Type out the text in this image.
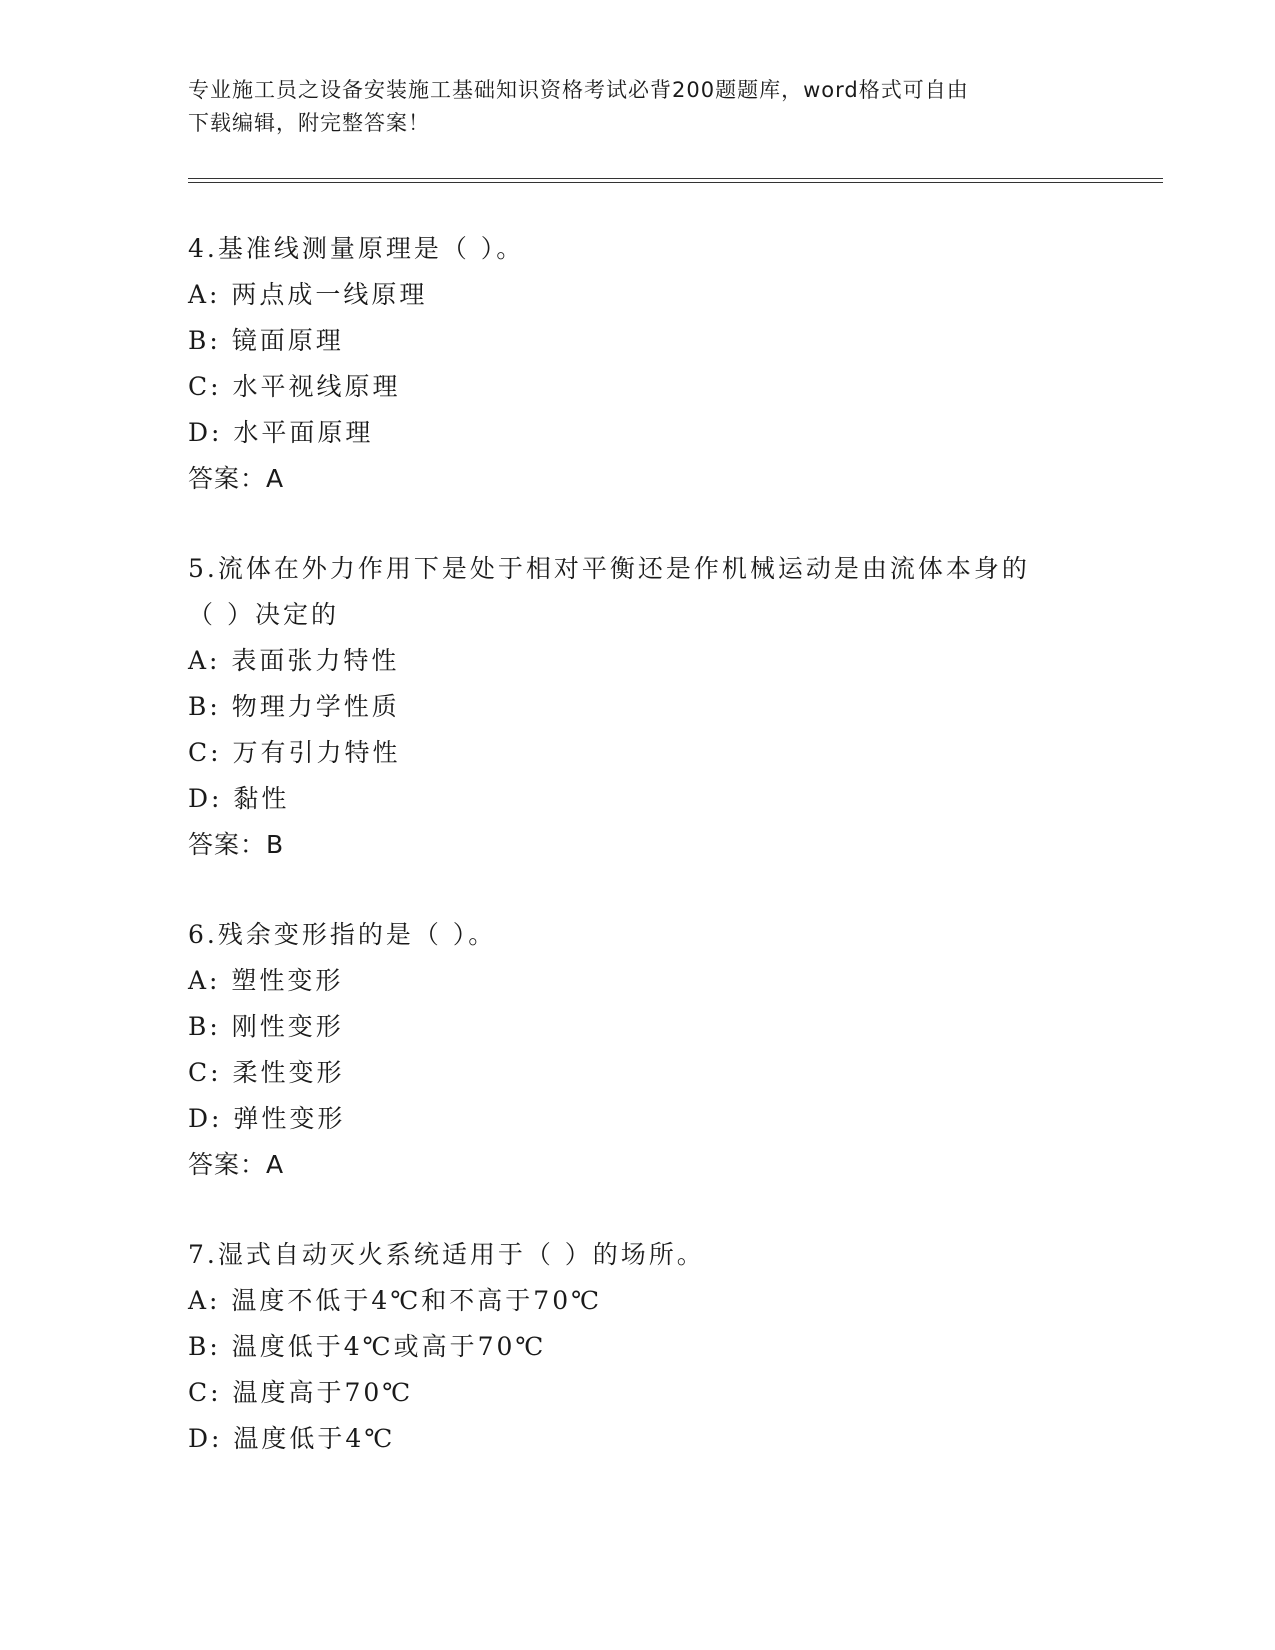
专业施工员之设备安装施工基础知识资格考试必背200题题库，word格式可自由
下载编辑，附完整答案！
4.基准线测量原理是（ ）。
A: 两点成一线原理
B: 镜面原理
C: 水平视线原理
D: 水平面原理
答案：A
5.流体在外力作用下是处于相对平衡还是作机械运动是由流体本身的
（ ）决定的
A: 表面张力特性
B: 物理力学性质
C: 万有引力特性
D: 黏性
答案：B
6.残余变形指的是（ ）。
A: 塑性变形
B: 刚性变形
C: 柔性变形
D: 弹性变形
答案：A
7.湿式自动灭火系统适用于（ ）的场所。
A: 温度不低于4℃和不高于70℃
B: 温度低于4℃或高于70℃
C: 温度高于70℃
D: 温度低于4℃
